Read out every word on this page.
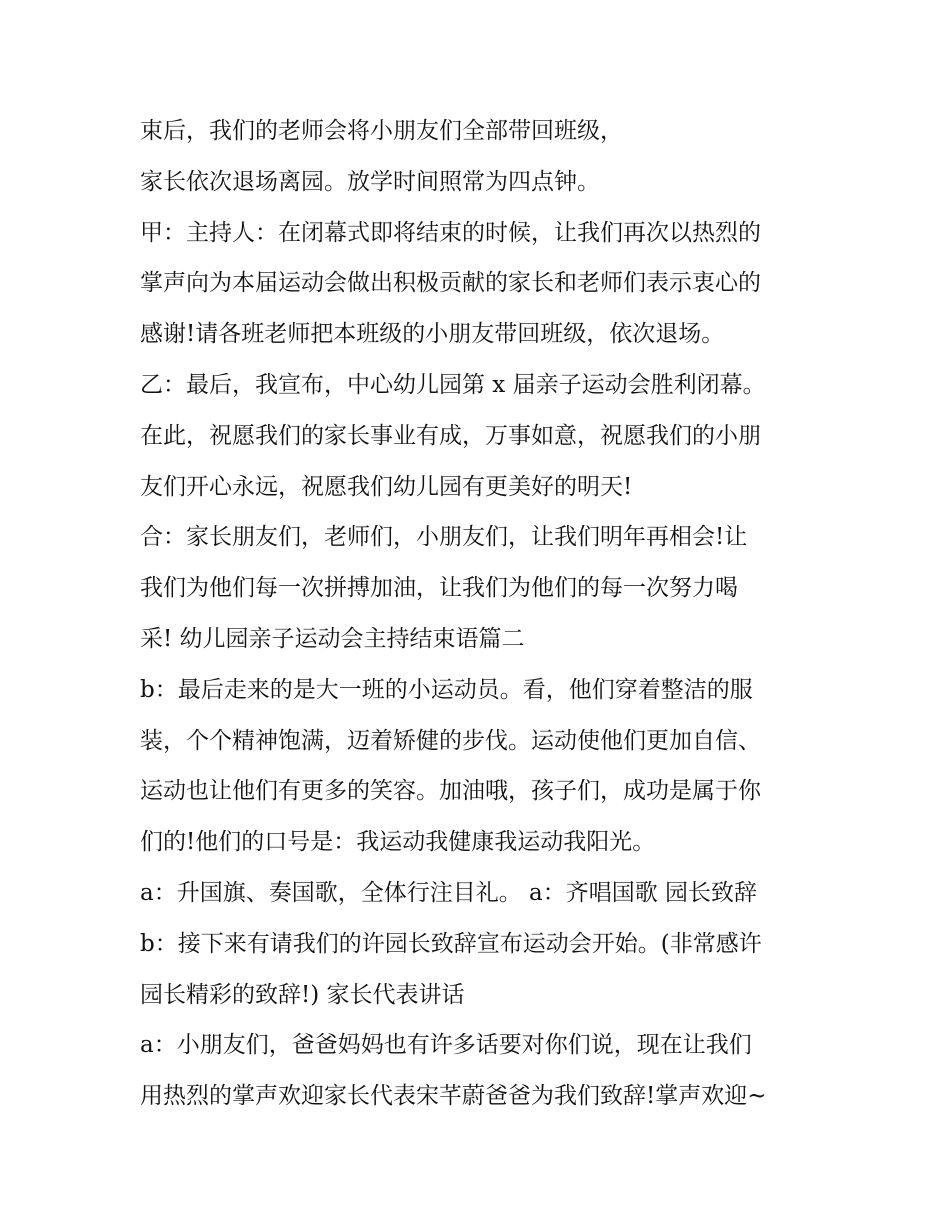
束后，我们的老师会将小朋友们全部带回班级，
家长依次退场离园。放学时间照常为四点钟。
甲：主持人：在闭幕式即将结束的时候，让我们再次以热烈的
掌声向为本届运动会做出积极贡献的家长和老师们表示衷心的
感谢!请各班老师把本班级的小朋友带回班级，依次退场。
乙：最后，我宣布，中心幼儿园第 x 届亲子运动会胜利闭幕。
在此，祝愿我们的家长事业有成，万事如意，祝愿我们的小朋
友们开心永远，祝愿我们幼儿园有更美好的明天!
合：家长朋友们，老师们，小朋友们，让我们明年再相会!让
我们为他们每一次拼搏加油，让我们为他们的每一次努力喝
采! 幼儿园亲子运动会主持结束语篇二
b：最后走来的是大一班的小运动员。看，他们穿着整洁的服
装，个个精神饱满，迈着矫健的步伐。运动使他们更加自信、
运动也让他们有更多的笑容。加油哦，孩子们，成功是属于你
们的!他们的口号是：我运动我健康我运动我阳光。
a：升国旗、奏国歌，全体行注目礼。 a：齐唱国歌 园长致辞
b：接下来有请我们的许园长致辞宣布运动会开始。(非常感许
园长精彩的致辞!) 家长代表讲话
a：小朋友们，爸爸妈妈也有许多话要对你们说，现在让我们
用热烈的掌声欢迎家长代表宋芊蔚爸爸为我们致辞!掌声欢迎~
